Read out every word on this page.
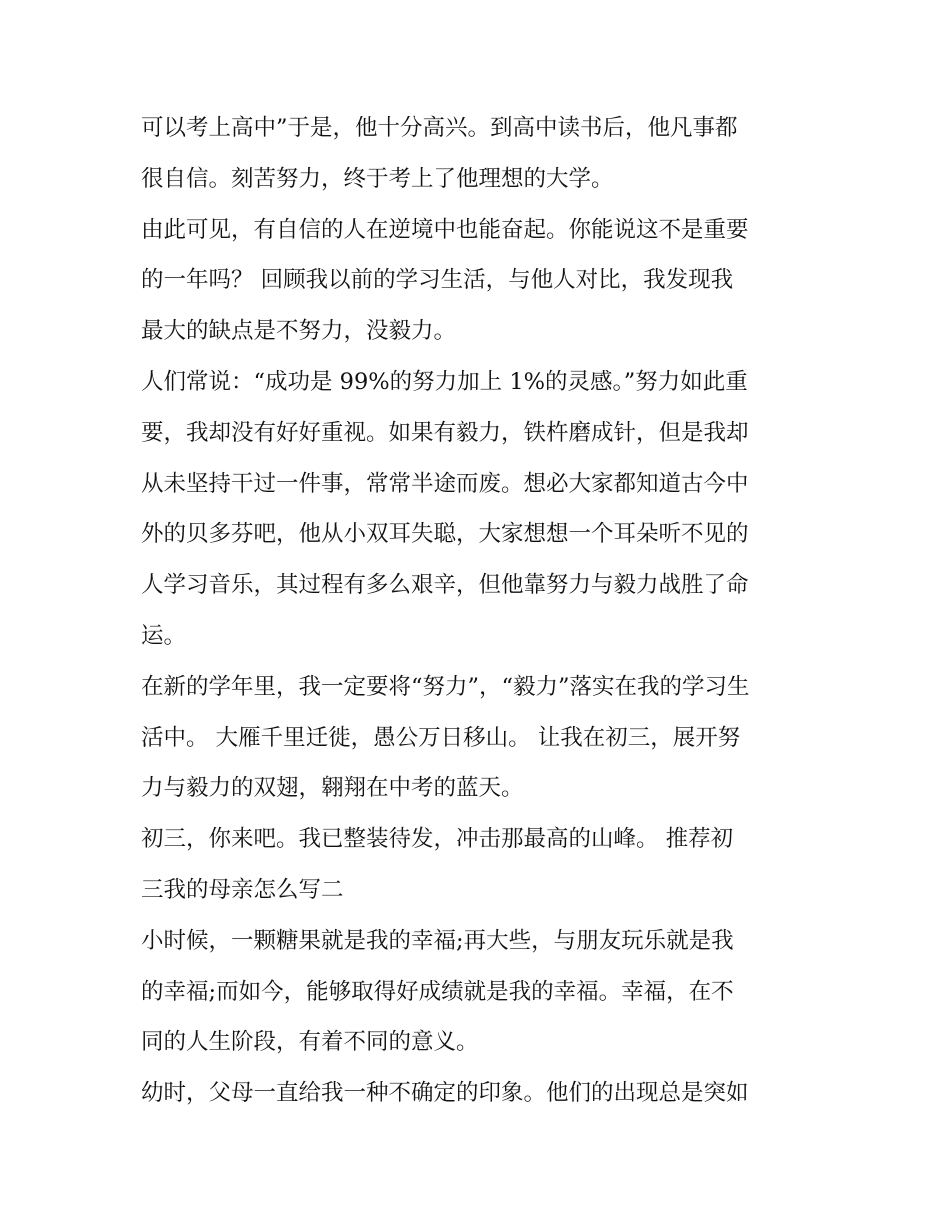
可以考上高中”于是，他十分高兴。到高中读书后，他凡事都
很自信。刻苦努力，终于考上了他理想的大学。
由此可见，有自信的人在逆境中也能奋起。你能说这不是重要
的一年吗？ 回顾我以前的学习生活，与他人对比，我发现我
最大的缺点是不努力，没毅力。
人们常说：“成功是 99%的努力加上 1%的灵感。”努力如此重
要，我却没有好好重视。如果有毅力，铁杵磨成针，但是我却
从未坚持干过一件事，常常半途而废。想必大家都知道古今中
外的贝多芬吧，他从小双耳失聪，大家想想一个耳朵听不见的
人学习音乐，其过程有多么艰辛，但他靠努力与毅力战胜了命
运。
在新的学年里，我一定要将“努力”，“毅力”落实在我的学习生
活中。 大雁千里迁徙，愚公万日移山。 让我在初三，展开努
力与毅力的双翅，翱翔在中考的蓝天。
初三，你来吧。我已整装待发，冲击那最高的山峰。 推荐初
三我的母亲怎么写二
小时候，一颗糖果就是我的幸福;再大些，与朋友玩乐就是我
的幸福;而如今，能够取得好成绩就是我的幸福。幸福，在不
同的人生阶段，有着不同的意义。
幼时，父母一直给我一种不确定的印象。他们的出现总是突如
